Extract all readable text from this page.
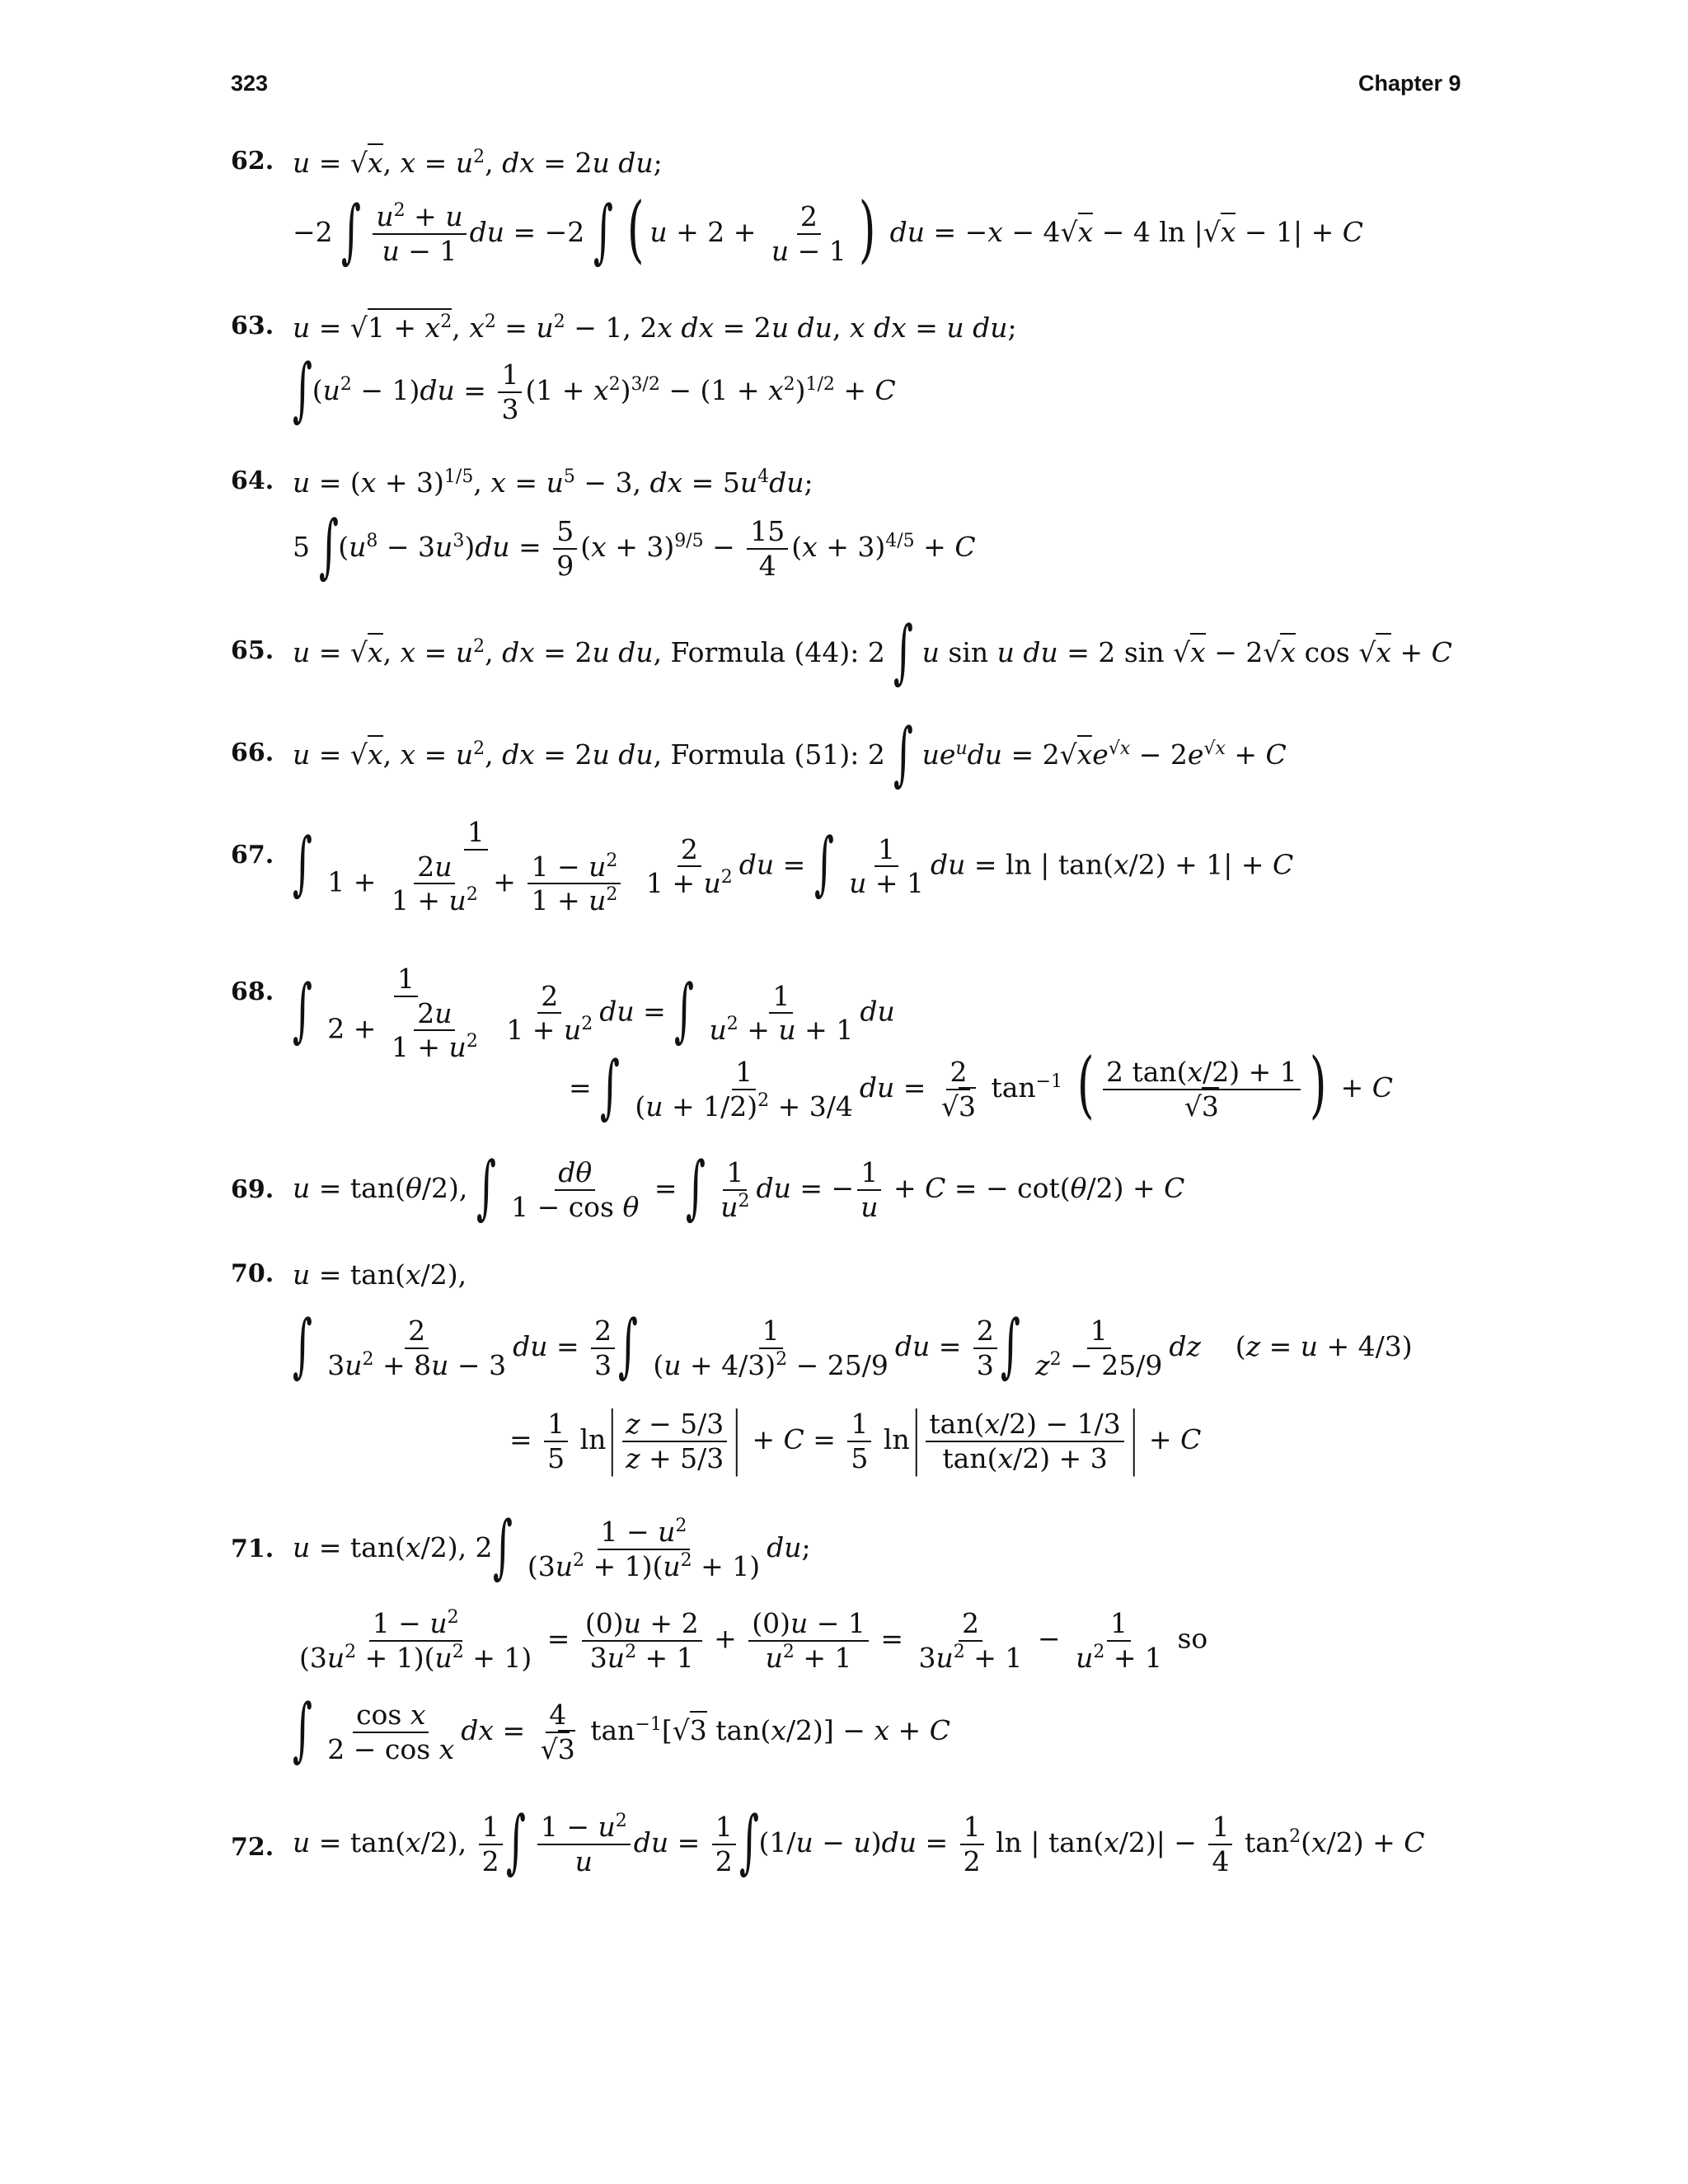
323	Chapter 9
62. u = √x, $x = u^2$, dx = 2u du;
−2 ∫ $\frac{u^2 + u}{u - 1}$ du = −2 ∫ ( $u + 2 + \frac{2}{u - 1}$ ) du = −x − 4√x − 4 ln |√x − 1| + C
63. $u = √1 + x^2$, $x^2 = u^2 - 1$, 2x dx = 2u du, x dx = u du;
$\int(u^2 - 1)du = \frac{1}{3} (1 + x^2)^{3/2} - (1 + x^2)^{1/2} + C$
64. $u = (x + 3)^{1/5}$, $x = u^5 - 3$, dx = $5u^4du$;
5 $\int(u^8 - 3u^3)du = \frac{5}{9} (x + 3)^{9/5} - \frac{15}{4} (x + 3)^{4/5} + C$
65. u = √x, $x = u^2$, dx = 2u du, Formula (44): 2 ∫ u sin u du = 2 sin √x − 2√x cos √x + C
66. u = √x, $x = u^2$, dx = 2u du, Formula (51): 2 ∫ $ue^udu = 2√xe^{√x} - 2e^{√x} + C$
67. ∫ $\frac{1}{1 + \frac{2u}{1 + u^2} + \frac{1 - u^2}{1 + u^2}}$
$\frac{2}{1 + u^2}$ du = ∫ $\frac{1}{u + 1}$ du = ln | tan(x/2) + 1| + C
68. ∫ $\frac{1}{2 + \frac{2u}{1 + u^2}}$
$\frac{2}{1 + u^2}$ du = ∫ $\frac{1}{u^2 + u + 1}$ du
= ∫ $\frac{1}{(u + 1/2)^2 + 3/4}$ du = $\frac{2}{√3} \tan^{-1}$ ( $\frac{2 \tan(x/2) + 1}{√3}$ ) + C
69. u = tan(θ/2), ∫ $\frac{d\theta}{\text{1 − cos θ}}$ = ∫ $\frac{1}{u^2}$ du = − $\frac{1}{u} + C$ = − cot(θ/2) + C
70. u = tan(x/2),
∫ $\frac{2}{3u^2 + 8u - 3}$ du = $\frac{2}{3}$ ∫ $\frac{1}{(u + 4/3)^2 - 25/9}$ du = $\frac{2}{3}$ ∫ $\frac{1}{z^2 - 25/9}$ dz    (z = u + 4/3)
= $\frac{1}{5} \ln| \frac{z - 5/3}{z + 5/3}$ | + $C = \frac{1}{5} \ln| \frac{\tan(x/2) - 1/3}{\tan(x/2) + 3}$ | + C
71. u = tan(x/2), $2\int \frac{1 - u^2}{(3u^2 + 1)(u^2 + 1)}$ du;
$\frac{1 - u^2}{(3u^2 + 1)(u^2 + 1)} = \frac{(0)u + 2}{3u^2 + 1} + \frac{(0)u - 1}{u^2 + 1} = \frac{2}{3u^2 + 1} - \frac{1}{u^2 + 1}$ so
∫ $\frac{\text{cos x}}{\text{2 − cos x}}$ dx = $\frac{4}{√3} \tan^{-1}[√3$ tan(x/2)] − x + C
72. u = tan(x/2), $\frac{1}{2}$ ∫ $\frac{1 - u^2}{u}$ du = $\frac{1}{2} \int(1/u - u)du = \frac{1}{2}$ ln | $\tan(x/2)| - \frac{1}{4} \tan^2(x/2) + C$
